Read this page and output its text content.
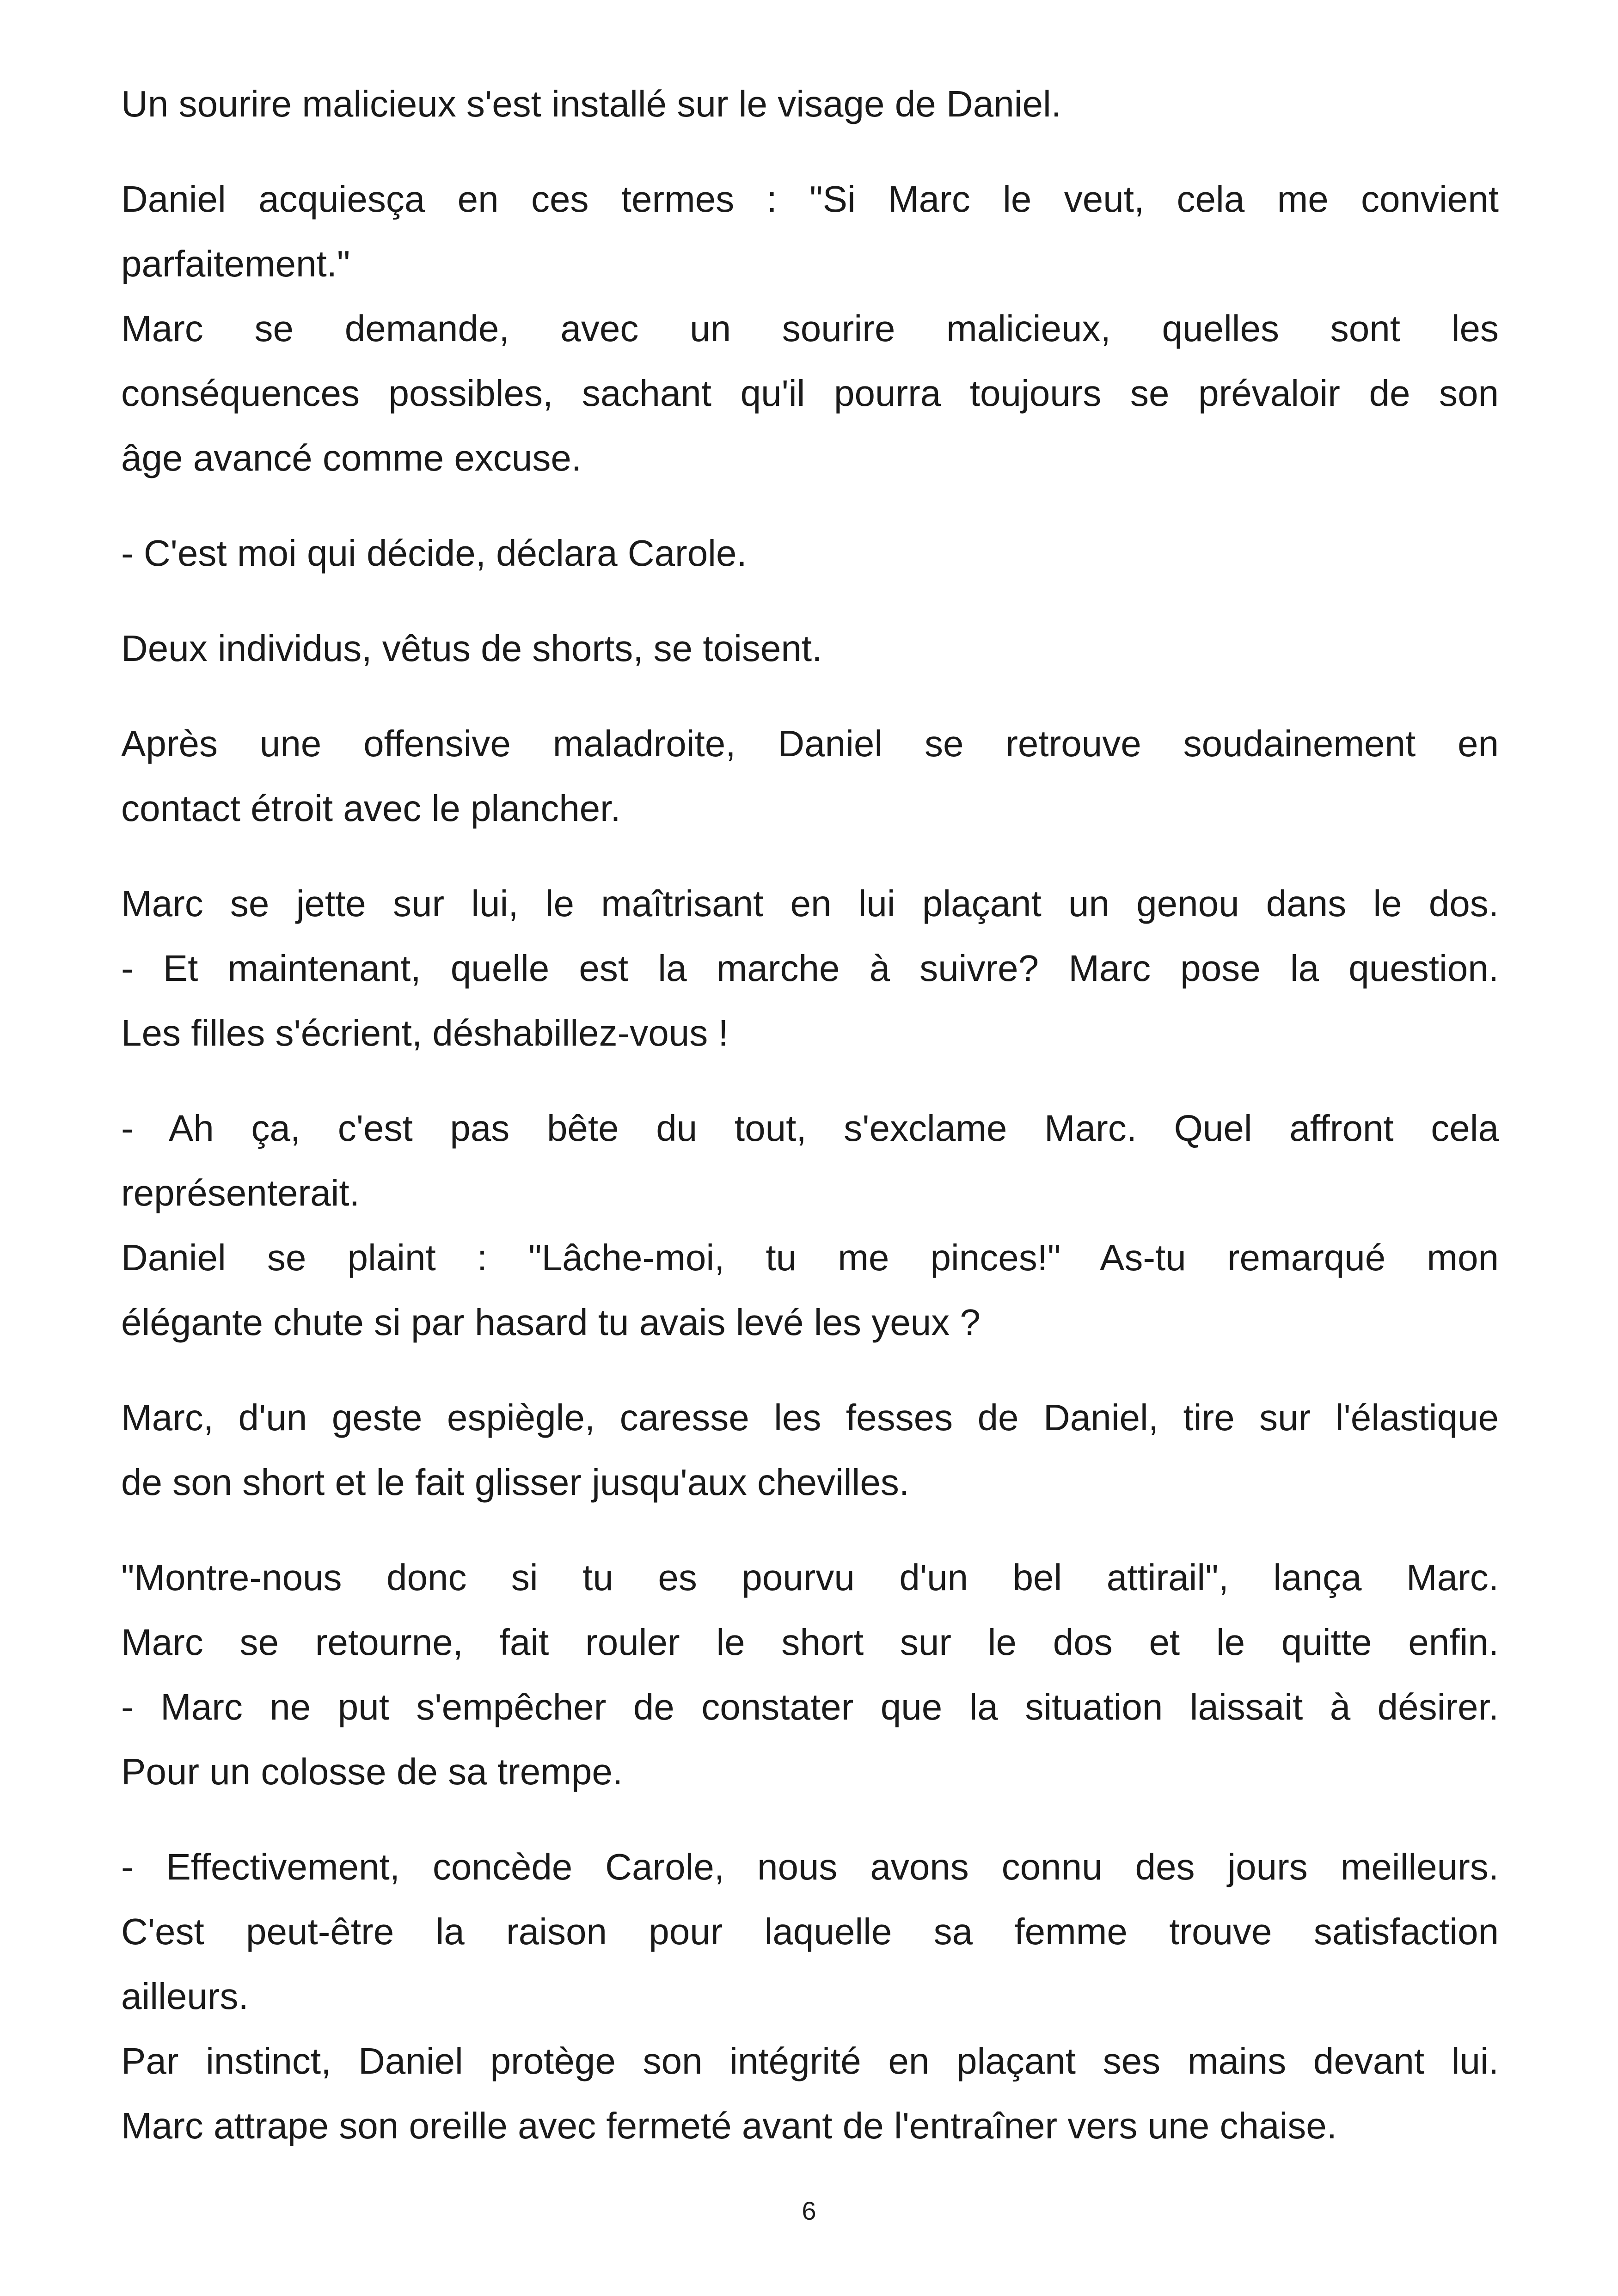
Un sourire malicieux s'est installé sur le visage de Daniel.
Daniel acquiesça en ces termes : "Si Marc le veut, cela me convient
parfaitement."
Marc se demande, avec un sourire malicieux, quelles sont les
conséquences possibles, sachant qu'il pourra toujours se prévaloir de son
âge avancé comme excuse.
- C'est moi qui décide, déclara Carole.
Deux individus, vêtus de shorts, se toisent.
Après une offensive maladroite, Daniel se retrouve soudainement en
contact étroit avec le plancher.
Marc se jette sur lui, le maîtrisant en lui plaçant un genou dans le dos.
- Et maintenant, quelle est la marche à suivre? Marc pose la question.
Les filles s'écrient, déshabillez-vous !
- Ah ça, c'est pas bête du tout, s'exclame Marc. Quel affront cela
représenterait.
Daniel se plaint : "Lâche-moi, tu me pinces!" As-tu remarqué mon
élégante chute si par hasard tu avais levé les yeux ?
Marc, d'un geste espiègle, caresse les fesses de Daniel, tire sur l'élastique
de son short et le fait glisser jusqu'aux chevilles.
"Montre-nous donc si tu es pourvu d'un bel attirail", lança Marc.
Marc se retourne, fait rouler le short sur le dos et le quitte enfin.
- Marc ne put s'empêcher de constater que la situation laissait à désirer.
Pour un colosse de sa trempe.
- Effectivement, concède Carole, nous avons connu des jours meilleurs.
C'est peut-être la raison pour laquelle sa femme trouve satisfaction
ailleurs.
Par instinct, Daniel protège son intégrité en plaçant ses mains devant lui.
Marc attrape son oreille avec fermeté avant de l'entraîner vers une chaise.
6
